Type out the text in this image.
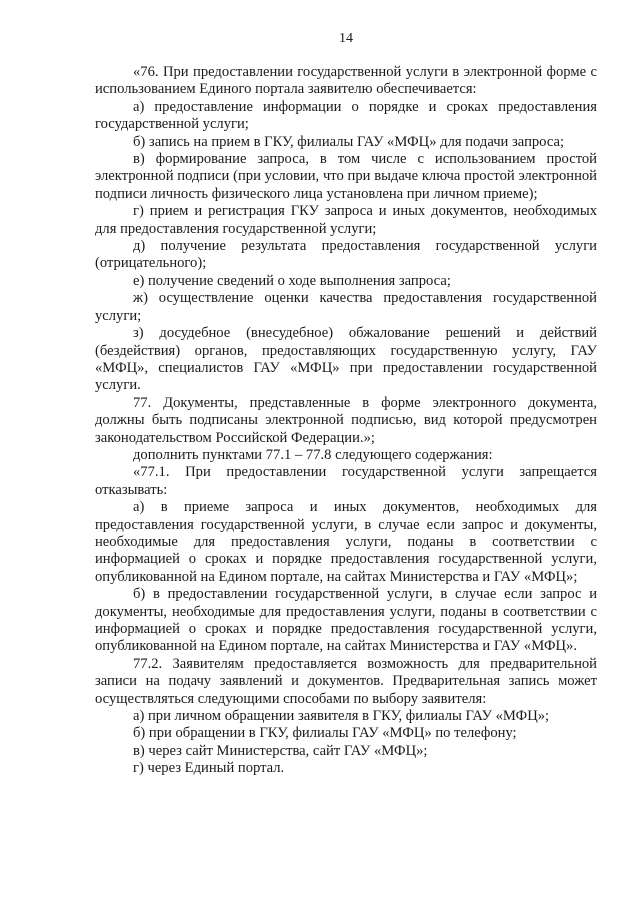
14

«76. При предоставлении государственной услуги в электронной форме с использованием Единого портала заявителю обеспечивается:

а) предоставление информации о порядке и сроках предоставления государственной услуги;

б) запись на прием в ГКУ, филиалы ГАУ «МФЦ» для подачи запроса;

в) формирование запроса, в том числе с использованием простой электронной подписи (при условии, что при выдаче ключа простой электронной подписи личность физического лица установлена при личном приеме);

г) прием и регистрация ГКУ запроса и иных документов, необходимых для предоставления государственной услуги;

д) получение результата предоставления государственной услуги (отрицательного);

е) получение сведений о ходе выполнения запроса;

ж) осуществление оценки качества предоставления государственной услуги;

з) досудебное (внесудебное) обжалование решений и действий (бездействия) органов, предоставляющих государственную услугу, ГАУ «МФЦ», специалистов ГАУ «МФЦ» при предоставлении государственной услуги.

77. Документы, представленные в форме электронного документа, должны быть подписаны электронной подписью, вид которой предусмотрен законодательством Российской Федерации.»;

дополнить пунктами 77.1 – 77.8 следующего содержания:

«77.1. При предоставлении государственной услуги запрещается отказывать:

а) в приеме запроса и иных документов, необходимых для предоставления государственной услуги, в случае если запрос и документы, необходимые для предоставления услуги, поданы в соответствии с информацией о сроках и порядке предоставления государственной услуги, опубликованной на Едином портале, на сайтах Министерства и ГАУ «МФЦ»;

б) в предоставлении государственной услуги, в случае если запрос и документы, необходимые для предоставления услуги, поданы в соответствии с информацией о сроках и порядке предоставления государственной услуги, опубликованной на Едином портале, на сайтах Министерства и ГАУ «МФЦ».

77.2. Заявителям предоставляется возможность для предварительной записи на подачу заявлений и документов. Предварительная запись может осуществляться следующими способами по выбору заявителя:

а) при личном обращении заявителя в ГКУ, филиалы ГАУ «МФЦ»;

б) при обращении в ГКУ, филиалы ГАУ «МФЦ» по телефону;

в) через сайт Министерства, сайт ГАУ «МФЦ»;

г) через Единый портал.
